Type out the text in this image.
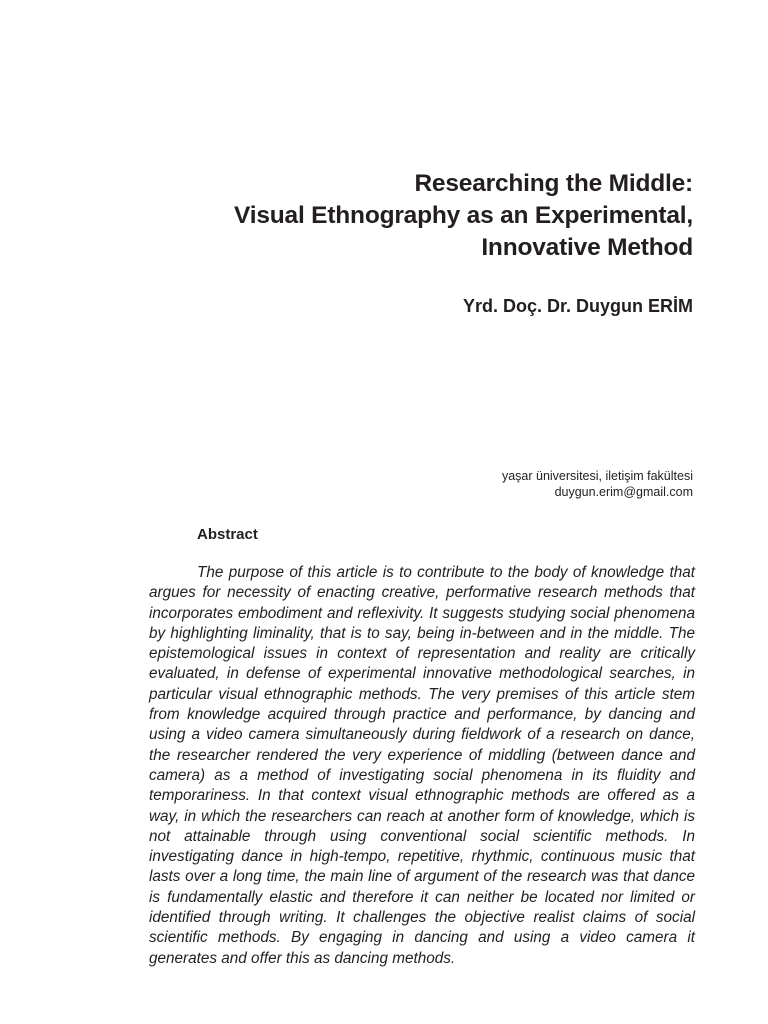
Researching the Middle:
Visual Ethnography as an Experimental,
Innovative Method
Yrd. Doç. Dr. Duygun ERİM
yaşar üniversitesi, iletişim fakültesi
duygun.erim@gmail.com
Abstract

The purpose of this article is to contribute to the body of knowledge that argues for necessity of enacting creative, performative research methods that incorporates embodiment and reflexivity. It suggests studying social phenomena by highlighting liminality, that is to say, being in-between and in the middle. The epistemological issues in context of representation and reality are critically evaluated, in defense of experimental innovative methodological searches, in particular visual ethnographic methods. The very premises of this article stem from knowledge acquired through practice and performance, by dancing and using a video camera simultaneously during fieldwork of a research on dance, the researcher rendered the very experience of middling (between dance and camera) as a method of investigating social phenomena in its fluidity and temporariness. In that context visual ethnographic methods are offered as a way, in which the researchers can reach at another form of knowledge, which is not attainable through using conventional social scientific methods. In investigating dance in high-tempo, repetitive, rhythmic, continuous music that lasts over a long time, the main line of argument of the research was that dance is fundamentally elastic and therefore it can neither be located nor limited or identified through writing. It challenges the objective realist claims of social scientific methods. By engaging in dancing and using a video camera it generates and offer this as dancing methods.
